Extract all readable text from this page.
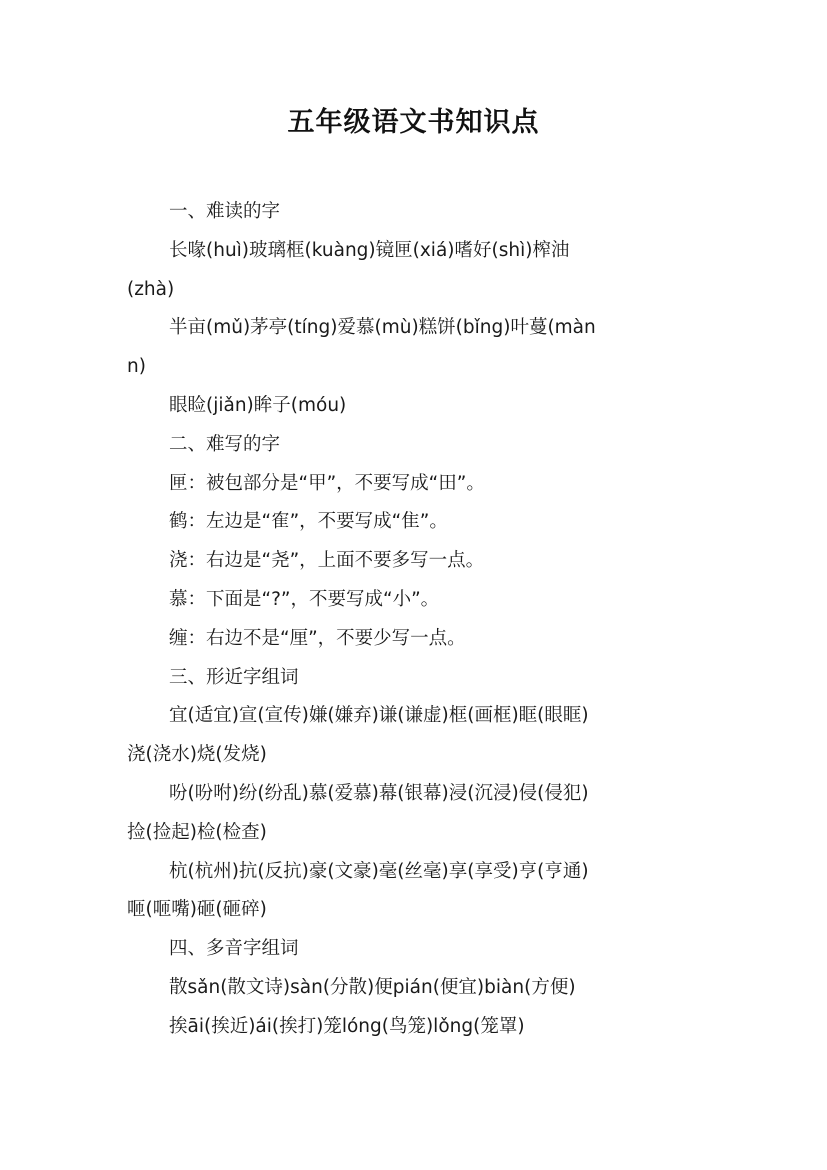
五年级语文书知识点
一、难读的字
长喙(huì)玻璃框(kuàng)镜匣(xiá)嗜好(shì)榨油
(zhà)
半亩(mǔ)茅亭(tíng)爱慕(mù)糕饼(bǐng)叶蔓(màn
n)
眼睑(jiǎn)眸子(móu)
二、难写的字
匣：被包部分是“甲”，不要写成“田”。
鹤：左边是“隺”，不要写成“隹”。
浇：右边是“尧”，上面不要多写一点。
慕：下面是“?”，不要写成“小”。
缠：右边不是“厘”，不要少写一点。
三、形近字组词
宜(适宜)宣(宣传)嫌(嫌弃)谦(谦虚)框(画框)眶(眼眶)
浇(浇水)烧(发烧)
吩(吩咐)纷(纷乱)慕(爱慕)幕(银幕)浸(沉浸)侵(侵犯)
捡(捡起)检(检查)
杭(杭州)抗(反抗)豪(文豪)毫(丝毫)享(享受)亨(亨通)
咂(咂嘴)砸(砸碎)
四、多音字组词
散sǎn(散文诗)sàn(分散)便pián(便宜)biàn(方便)
挨āi(挨近)ái(挨打)笼lóng(鸟笼)lǒng(笼罩)
